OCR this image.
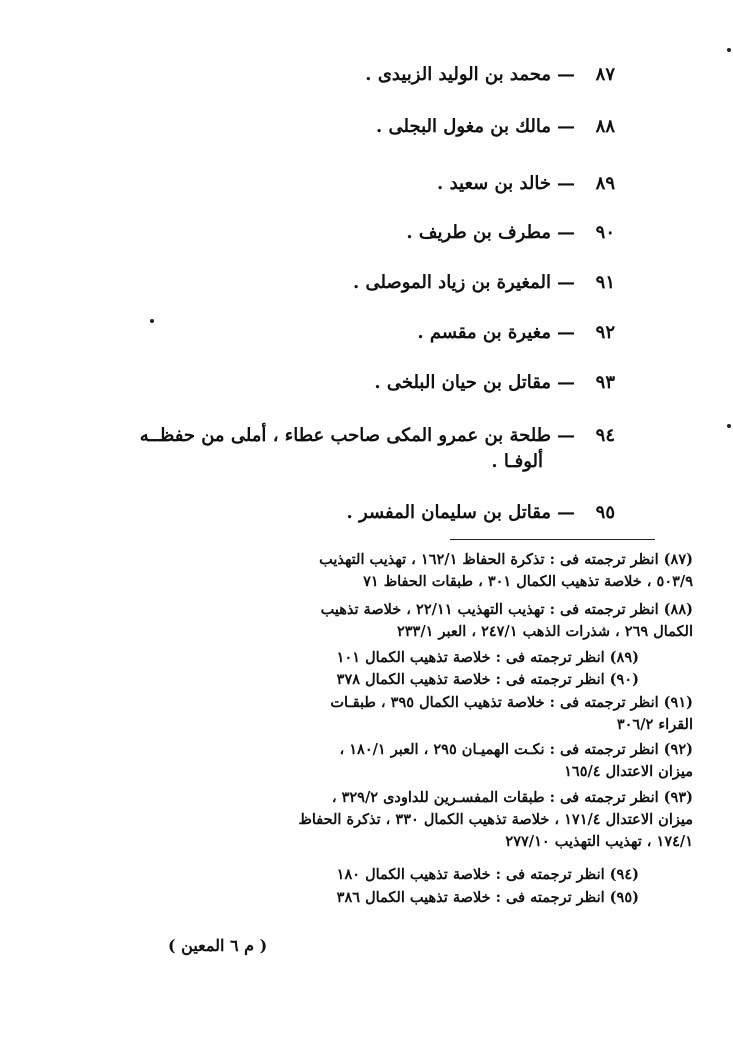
٨٧—محمد بن الوليد الزبيدى .
٨٨—مالك بن مغول البجلى .
٨٩—خالد بن سعيد .
٩٠—مطرف بن طريف .
٩١—المغيرة بن زياد الموصلى .
٩٢—مغيرة بن مقسم .
٩٣—مقاتل بن حيان البلخى .
٩٤—طلحة بن عمرو المكى صاحب عطاء ، أملى من حفظــه
ألوفـا .
٩٥—مقاتل بن سليمان المفسر .
(٨٧) انظر ترجمته فى : تذكرة الحفاظ ١٦٢/١ ، تهذيب التهذيب
٥٠٣/٩ ، خلاصة تذهيب الكمال ٣٠١ ، طبقات الحفاظ ٧١
(٨٨) انظر ترجمته فى : تهذيب التهذيب ٢٢/١١ ، خلاصة تذهيب
الكمال ٢٦٩ ، شذرات الذهب ٢٤٧/١ ، العبر ٢٣٣/١
(٨٩) انظر ترجمته فى : خلاصة تذهيب الكمال ١٠١
(٩٠) انظر ترجمته فى : خلاصة تذهيب الكمال ٣٧٨
(٩١) انظر ترجمته فى : خلاصة تذهيب الكمال ٣٩٥ ، طبقـات
القراء ٣٠٦/٢
(٩٢) انظر ترجمته فى : نكـت الهميـان ٢٩٥ ، العبر ١٨٠/١ ،
ميزان الاعتدال ١٦٥/٤
(٩٣) انظر ترجمته فى : طبقات المفسـرين للداودى ٣٢٩/٢ ،
ميزان الاعتدال ١٧١/٤ ، خلاصة تذهيب الكمال ٣٣٠ ، تذكرة الحفاظ
١٧٤/١ ، تهذيب التهذيب ٢٧٧/١٠
(٩٤) انظر ترجمته فى : خلاصة تذهيب الكمال ١٨٠
(٩٥) انظر ترجمته فى : خلاصة تذهيب الكمال ٣٨٦
( م ٦ المعين )
